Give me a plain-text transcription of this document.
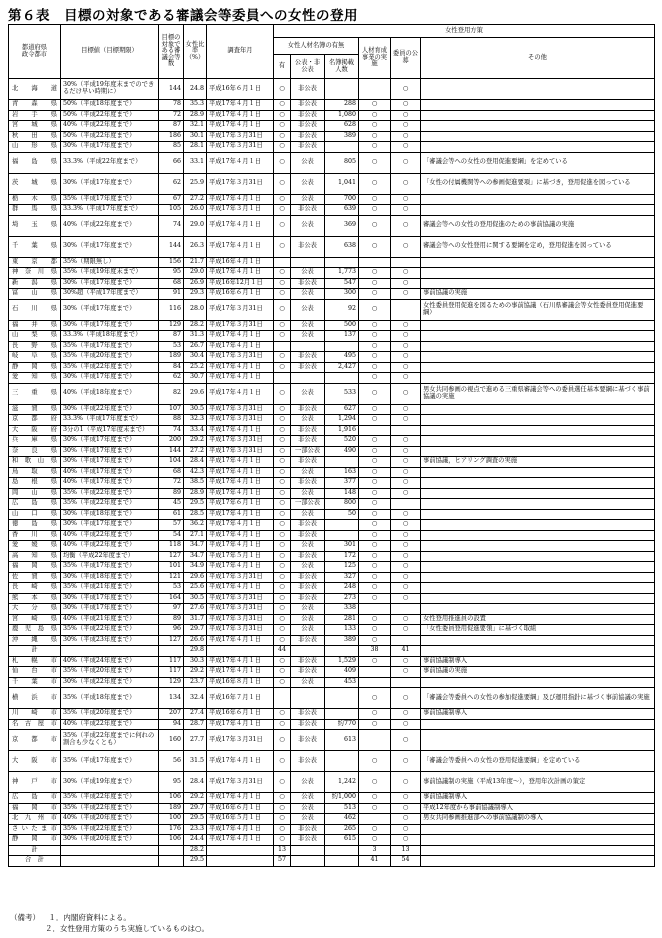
第６表　目標の対象である審議会等委員への女性の登用
都道府県
政令都市	目標値（目標期限）	目標の対象である審議会等数	女性比率（%）	調査年月	女性登用方策					
					女性人材名簿の有無			人材育成事業の実施	委員の公募	その他
					有	公表・非公表	名簿掲載人数			
北海道	30%（平成19年度末までのできるだけ早い時期に）	144	24.8	平成16年６月１日	○	非公表			○	
青森県	50%（平成18年度まで）	78	35.3	平成17年４月１日	○	非公表	288	○	○	
岩手県	50%（平成22年度まで）	72	28.9	平成17年４月１日	○	非公表	1,080	○	○	
宮城県	40%（平成22年度まで）	87	32.1	平成17年４月１日	○	非公表	628	○	○	
秋田県	50%（平成22年度まで）	186	30.1	平成17年３月31日	○	非公表	389	○	○	
山形県	30%（平成17年度まで）	85	28.1	平成17年３月31日	○	非公表		○	○	
福島県	33.3%（平成22年度まで）	66	33.1	平成17年４月１日	○	公表	805	○	○	「審議会等への女性の登用促進要綱」を定めている
茨城県	30%（平成17年度まで）	62	25.9	平成17年３月31日	○	公表	1,041	○	○	「女性の付属機関等への参画促進要項」に基づき，登用促進を図っている
栃木県	35%（平成17年度まで）	67	27.2	平成17年４月１日	○	公表	700	○	○	
群馬県	33.3%（平成17年度まで）	105	26.0	平成17年３月１日	○	非公表	639	○	○	
埼玉県	40%（平成22年度まで）	74	29.0	平成17年４月１日	○	公表	369	○	○	審議会等への女性の登用促進のための事前協議の実施
千葉県	30%（平成17年度まで）	144	26.3	平成17年４月１日	○	非公表	638	○	○	審議会等への女性登用に関する要綱を定め，登用促進を図っている
東京都	35%（期限無し）	156	21.7	平成16年４月１日						
神奈川県	35%（平成19年度末まで）	95	29.0	平成17年４月１日	○	公表	1,773	○	○	
新潟県	30%（平成17年度まで）	68	26.9	平成16年12月１日	○	非公表	547	○	○	
富山県	30%超（平成17年度まで）	91	29.3	平成16年６月１日	○	公表	300	○	○	事前協議の実施
石川県	30%（平成17年度まで）	116	28.0	平成17年３月31日	○	公表	92	○		女性委員登用促進を図るための事前協議（石川県審議会等女性委員登用促進要綱）
福井県	30%（平成17年度まで）	129	28.2	平成17年３月31日	○	公表	500	○	○	
山梨県	33.3%（平成18年度まで）	87	31.3	平成17年４月１日	○	公表	137	○	○	
長野県	35%（平成17年度まで）	53	26.7	平成17年４月１日				○	○	
岐阜県	35%（平成20年度まで）	189	30.4	平成17年３月31日	○	非公表	495	○	○	
静岡県	35%（平成22年度まで）	84	25.2	平成17年４月１日	○	非公表	2,427	○	○	
愛知県	30%（平成17年度まで）	62	30.7	平成17年４月１日				○	○	
三重県	40%（平成18年度まで）	82	29.6	平成17年４月１日	○	公表	533	○	○	男女共同参画の視点で進める三重県審議会等への委員選任基本要綱に基づく事前協議の実施
滋賀県	30%（平成22年度まで）	107	30.5	平成17年３月31日	○	非公表	627	○	○	
京都府	33.3%（平成17年度まで）	88	32.3	平成17年３月31日	○	公表	1,294	○	○	
大阪府	3分の1（平成17年度末まで）	74	33.4	平成17年４月１日	○	非公表	1,916			
兵庫県	30%（平成17年度まで）	200	29.2	平成17年３月31日	○	非公表	520	○	○	
奈良県	30%（平成17年度まで）	144	27.2	平成17年３月31日	○	一部公表	490	○	○	
和歌山県	30%（平成17年度まで）	104	28.4	平成17年４月１日	○	非公表		○	○	事前協議，ヒアリング調査の実施
鳥取県	40%（平成17年度まで）	68	42.3	平成17年４月１日	○	公表	163	○	○	
島根県	40%（平成17年度まで）	72	38.5	平成17年４月１日	○	非公表	377	○	○	
岡山県	35%（平成22年度まで）	89	28.9	平成17年４月１日	○	公表	148	○	○	
広島県	35%（平成22年度まで）	45	29.5	平成17年６月１日	○	一部公表	800	○		
山口県	30%（平成18年度まで）	61	28.5	平成17年４月１日	○	公表	50	○	○	
徳島県	30%（平成17年度まで）	57	36.2	平成17年４月１日	○	非公表		○	○	
香川県	40%（平成22年度まで）	54	27.1	平成17年４月１日	○	非公表		○	○	
愛媛県	40%（平成22年度まで）	118	34.7	平成17年４月１日	○	公表	301	○	○	
高知県	均衡（平成22年度まで）	127	34.7	平成17年５月１日	○	非公表	172	○	○	
福岡県	35%（平成17年度まで）	101	34.9	平成17年４月１日	○	公表	125	○	○	
佐賀県	30%（平成18年度まで）	121	29.6	平成17年３月31日	○	非公表	327	○	○	
長崎県	35%（平成21年度まで）	53	25.6	平成17年４月１日	○	非公表	248	○	○	
熊本県	30%（平成17年度まで）	164	30.5	平成17年３月31日	○	非公表	273	○	○	
大分県	30%（平成17年度まで）	97	27.6	平成17年３月31日	○	公表	338			
宮崎県	40%（平成21年度まで）	89	31.7	平成17年３月31日	○	公表	281	○	○	女性登用推進員の設置
鹿児島県	35%（平成22年度まで）	96	29.7	平成17年３月31日	○	公表	133	○	○	「女性委員登用促進要領」に基づく取組
沖縄県	30%（平成23年度まで）	127	26.6	平成17年４月１日	○	非公表	389	○		
計			29.8		44			38	41	
札幌市	40%（平成24年度まで）	117	30.3	平成17年４月１日	○	非公表	1,529	○	○	事前協議制導入
仙台市	35%（平成20年度まで）	117	29.2	平成17年４月１日	○	非公表	409		○	事前協議の実施
千葉市	30%（平成22年度まで）	129	23.7	平成16年８月１日	○	公表	453			
横浜市	35%（平成18年度まで）	134	32.4	平成16年７月１日				○	○	「審議会等委員への女性の参加促進要綱」及び運用指針に基づく事前協議の実施
川崎市	35%（平成20年度まで）	207	27.4	平成16年６月１日	○	非公表		○	○	事前協議制導入
名古屋市	40%（平成22年度まで）	94	28.7	平成17年４月１日	○	非公表	約770	○	○	
京都市	35%（平成22年度までに何れの割合も少なくとも）	160	27.7	平成17年３月31日	○	非公表	613		○	
大阪市	35%（平成17年度まで）	56	31.5	平成17年４月１日	○	非公表		○	○	「審議会等委員への女性の登用促進要綱」を定めている
神戸市	30%（平成19年度まで）	95	28.4	平成17年３月31日	○	公表	1,242	○	○	事前協議制の実施（平成13年度〜），登用年次計画の策定
広島市	35%（平成22年度まで）	106	29.2	平成17年４月１日	○	公表	約1,000	○	○	事前協議制導入
福岡市	35%（平成22年度まで）	189	29.7	平成16年６月１日	○	公表	513	○	○	平成12年度から事前協議制導入
北九州市	40%（平成20年度まで）	100	29.5	平成16年５月１日	○	公表	462		○	男女共同参画推進部への事前協議制の導入
さいたま市	35%（平成22年度まで）	176	23.3	平成17年４月１日	○	非公表	265	○	○	
静岡市	30%（平成20年度まで）	106	24.4	平成17年４月１日	○	非公表	615	○	○	
計			28.2		13			3	13	
合　計			29.5		57			41	54	
（備考） １．内閣府資料による。
２．女性登用方策のうち実施しているものは○。
